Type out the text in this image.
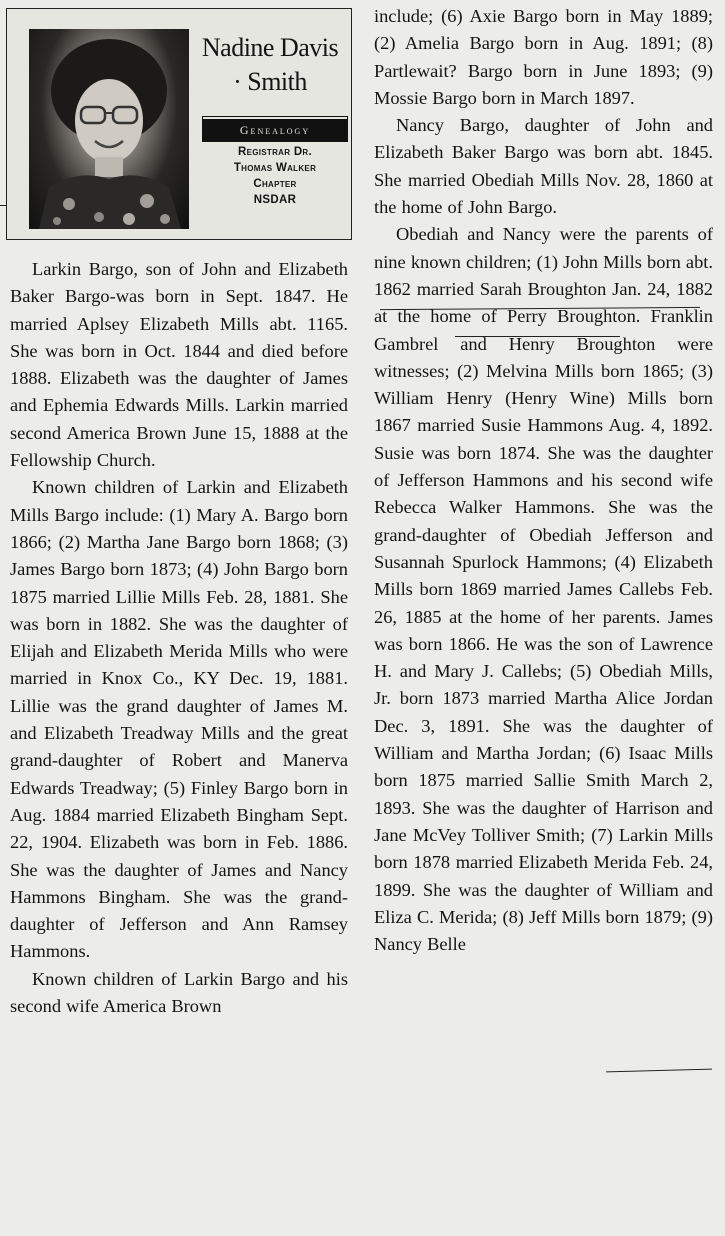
Nadine Davis
· Smith
Genealogy
Registrar Dr.
Thomas Walker
Chapter
NSDAR

Larkin Bargo, son of John and Elizabeth Baker Bargo-was born in Sept. 1847. He married Aplsey Elizabeth Mills abt. 1165. She was born in Oct. 1844 and died before 1888. Elizabeth was the daughter of James and Ephemia Edwards Mills. Larkin married second America Brown June 15, 1888 at the Fellowship Church.

Known children of Larkin and Elizabeth Mills Bargo include: (1) Mary A. Bargo born 1866; (2) Martha Jane Bargo born 1868; (3) James Bargo born 1873; (4) John Bargo born 1875 married Lillie Mills Feb. 28, 1881. She was born in 1882. She was the daughter of Elijah and Elizabeth Merida Mills who were married in Knox Co., KY Dec. 19, 1881. Lillie was the grand daughter of James M. and Elizabeth Treadway Mills and the great grand-daughter of Robert and Manerva Edwards Treadway; (5) Finley Bargo born in Aug. 1884 married Elizabeth Bingham Sept. 22, 1904. Elizabeth was born in Feb. 1886. She was the daughter of James and Nancy Hammons Bingham. She was the grand-daughter of Jefferson and Ann Ramsey Hammons.

Known children of Larkin Bargo and his second wife America Brown

include; (6) Axie Bargo born in May 1889; (2) Amelia Bargo born in Aug. 1891; (8) Partlewait? Bargo born in June 1893; (9) Mossie Bargo born in March 1897.

Nancy Bargo, daughter of John and Elizabeth Baker Bargo was born abt. 1845. She married Obediah Mills Nov. 28, 1860 at the home of John Bargo.

Obediah and Nancy were the parents of nine known children; (1) John Mills born abt. 1862 married Sarah Broughton Jan. 24, 1882 at the home of Perry Broughton. Franklin Gambrel and Henry Broughton were witnesses; (2) Melvina Mills born 1865; (3) William Henry (Henry Wine) Mills born 1867 married Susie Hammons Aug. 4, 1892. Susie was born 1874. She was the daughter of Jefferson Hammons and his second wife Rebecca Walker Hammons. She was the grand-daughter of Obediah Jefferson and Susannah Spurlock Hammons; (4) Elizabeth Mills born 1869 married James Callebs Feb. 26, 1885 at the home of her parents. James was born 1866. He was the son of Lawrence H. and Mary J. Callebs; (5) Obediah Mills, Jr. born 1873 married Martha Alice Jordan Dec. 3, 1891. She was the daughter of William and Martha Jordan; (6) Isaac Mills born 1875 married Sallie Smith March 2, 1893. She was the daughter of Harrison and Jane McVey Tolliver Smith; (7) Larkin Mills born 1878 married Elizabeth Merida Feb. 24, 1899. She was the daughter of William and Eliza C. Merida; (8) Jeff Mills born 1879; (9) Nancy Belle
